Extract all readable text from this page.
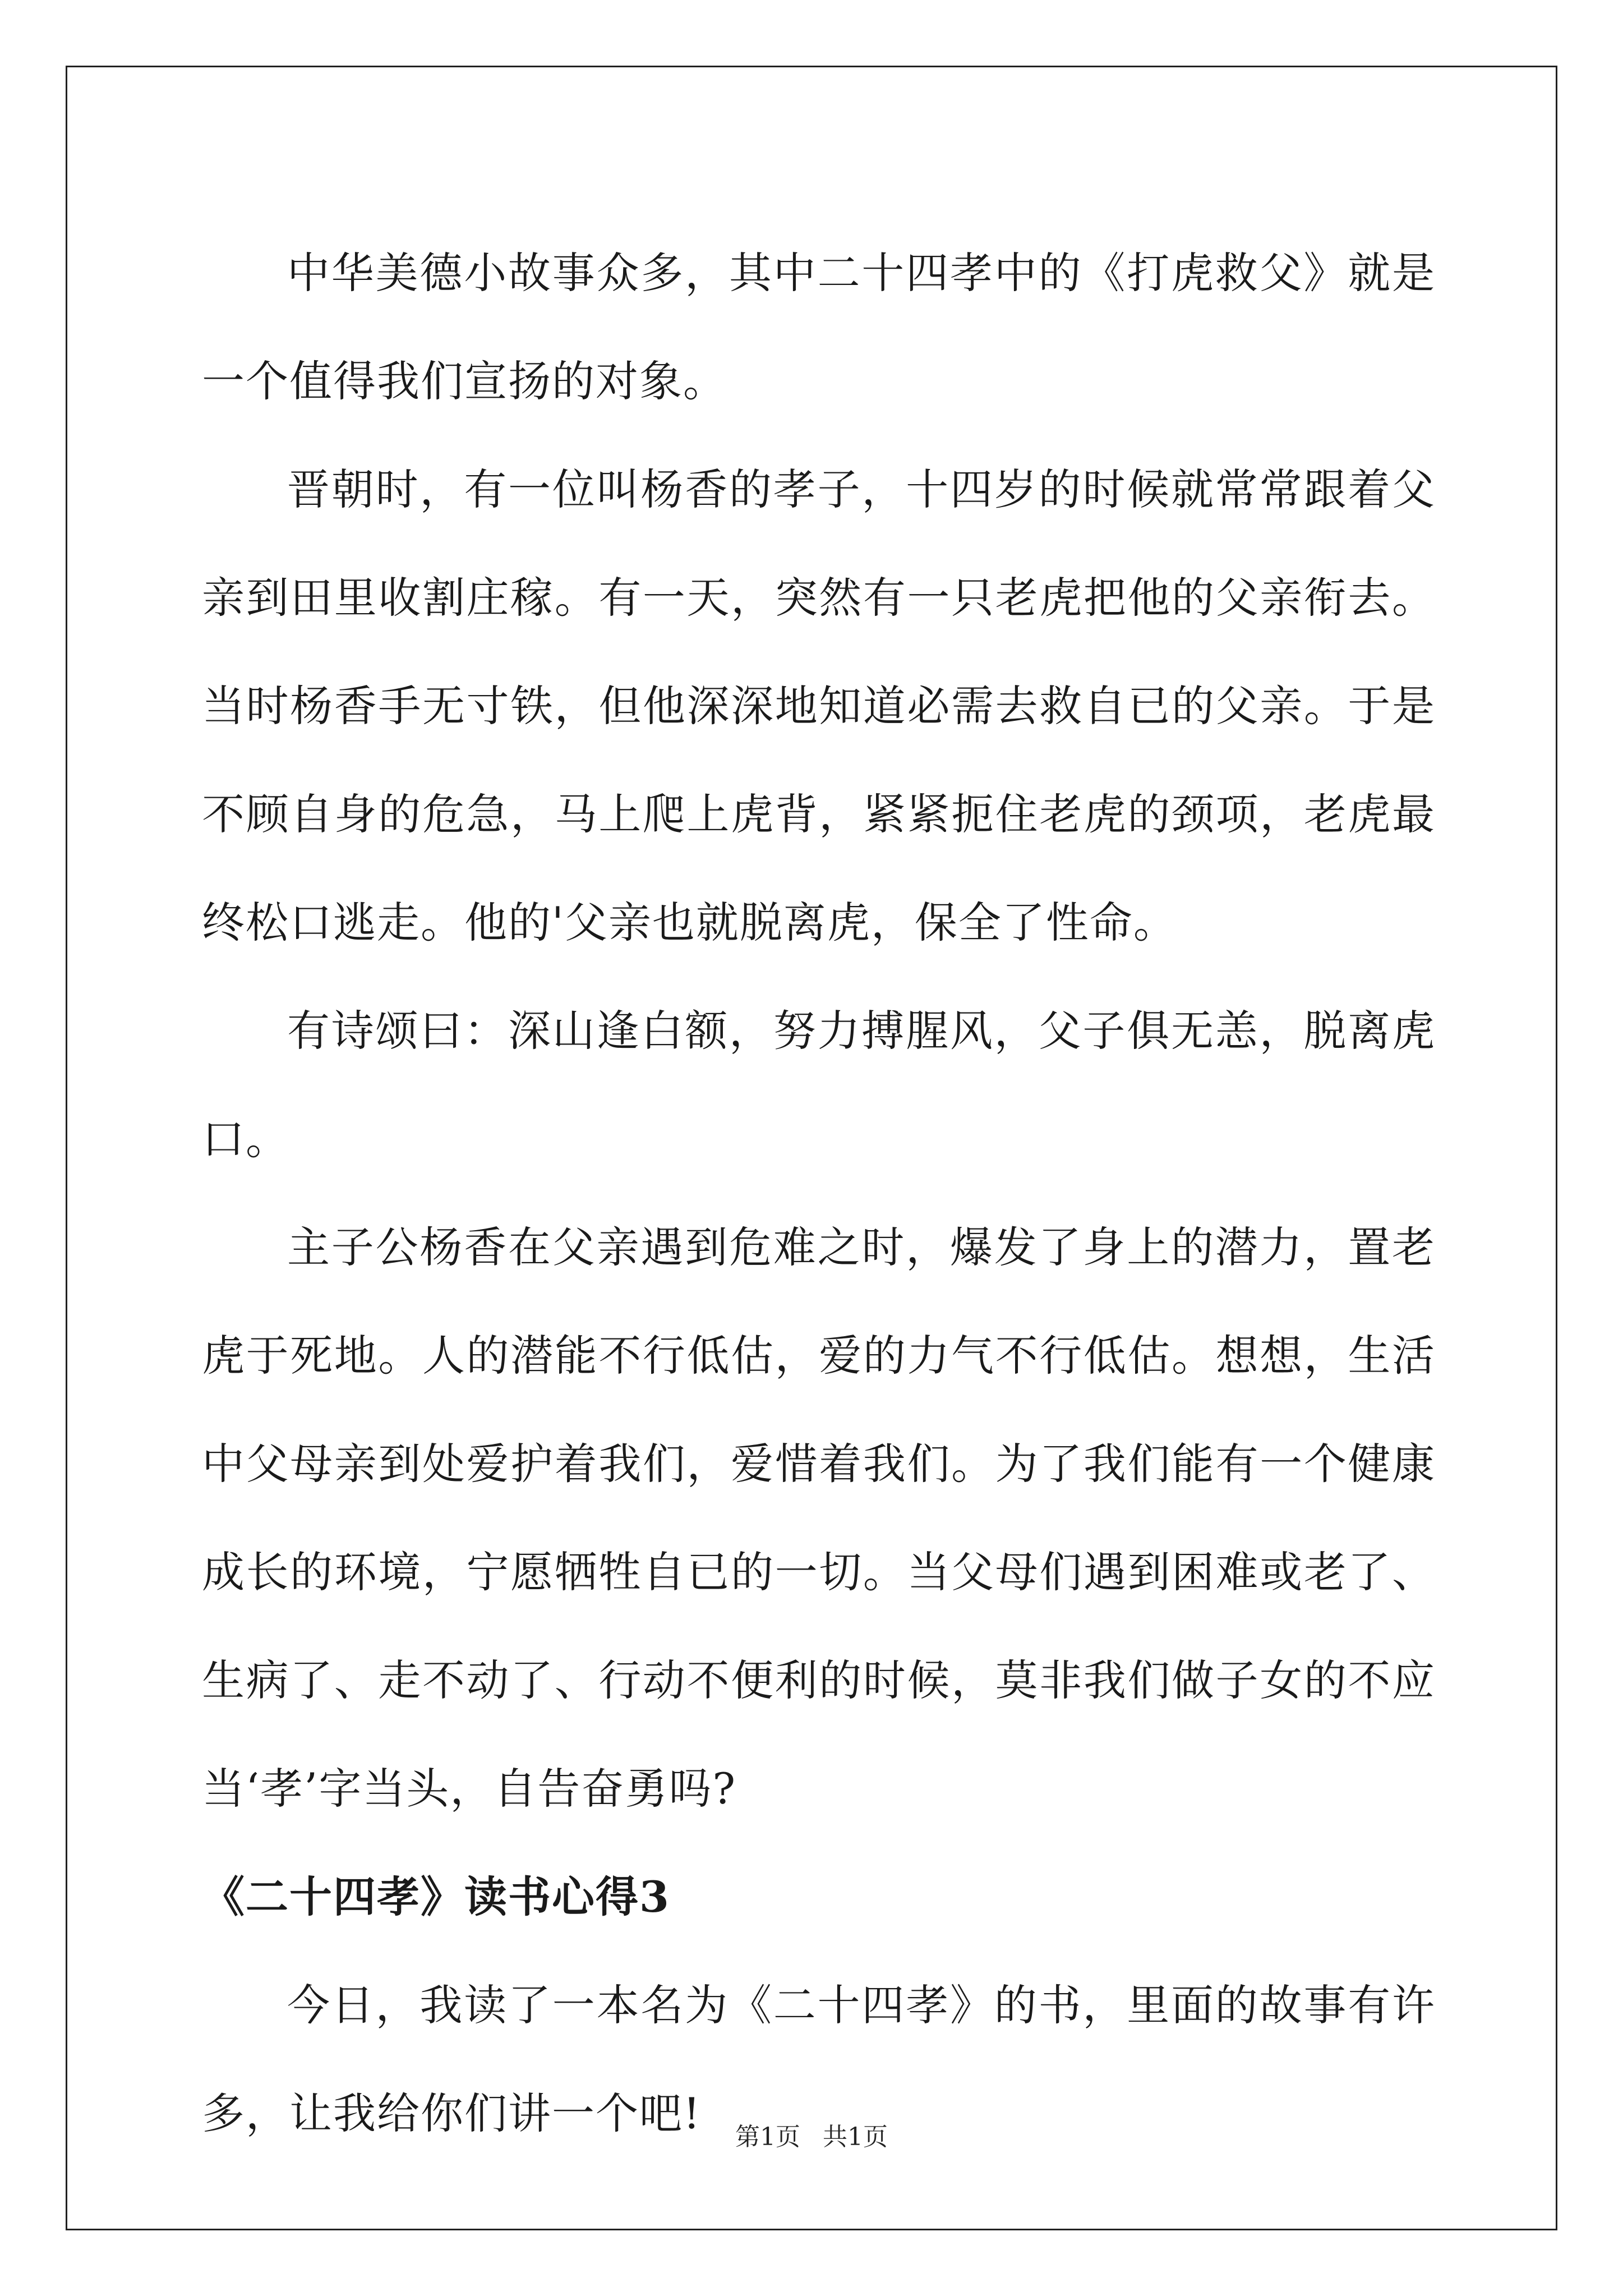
中华美德小故事众多，其中二十四孝中的《打虎救父》就是一个值得我们宣扬的对象。

晋朝时，有一位叫杨香的孝子，十四岁的时候就常常跟着父亲到田里收割庄稼。有一天，突然有一只老虎把他的父亲衔去。当时杨香手无寸铁，但他深深地知道必需去救自已的父亲。于是不顾自身的危急，马上爬上虎背，紧紧扼住老虎的颈项，老虎最终松口逃走。他的'父亲也就脱离虎，保全了性命。

有诗颂曰：深山逢白额，努力搏腥风，父子俱无恙，脱离虎口。

主子公杨香在父亲遇到危难之时，爆发了身上的潜力，置老虎于死地。人的潜能不行低估，爱的力气不行低估。想想，生活中父母亲到处爱护着我们，爱惜着我们。为了我们能有一个健康成长的环境，宁愿牺牲自已的一切。当父母们遇到困难或老了、生病了、走不动了、行动不便利的时候，莫非我们做子女的不应当‘孝’字当头，自告奋勇吗?

《二十四孝》读书心得3

今日，我读了一本名为《二十四孝》的书，里面的故事有许多，让我给你们讲一个吧!	第1页 共1页
